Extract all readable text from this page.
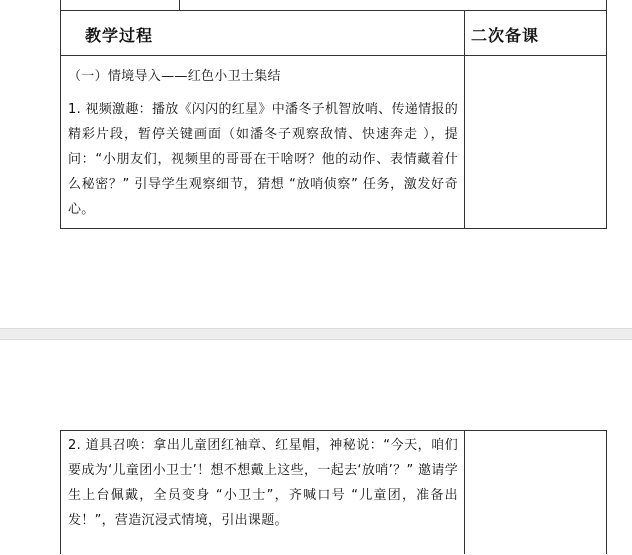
教学过程	二次备课
（一）情境导入——红色小卫士集结
1. 视频激趣：播放《闪闪的红星》中潘冬子机智放哨、传递情报的精彩片段，暂停关键画面（如潘冬子观察敌情、快速奔走 ），提问：“小朋友们，视频里的哥哥在干啥呀？他的动作、表情藏着什么秘密？” 引导学生观察细节，猜想 “放哨侦察” 任务，激发好奇心。
2. 道具召唤：拿出儿童团红袖章、红星帽，神秘说：“今天，咱们要成为‘儿童团小卫士’！想不想戴上这些，一起去‘放哨’？” 邀请学生上台佩戴，全员变身 “小卫士”，齐喊口号 “儿童团，准备出发！”，营造沉浸式情境，引出课题。
